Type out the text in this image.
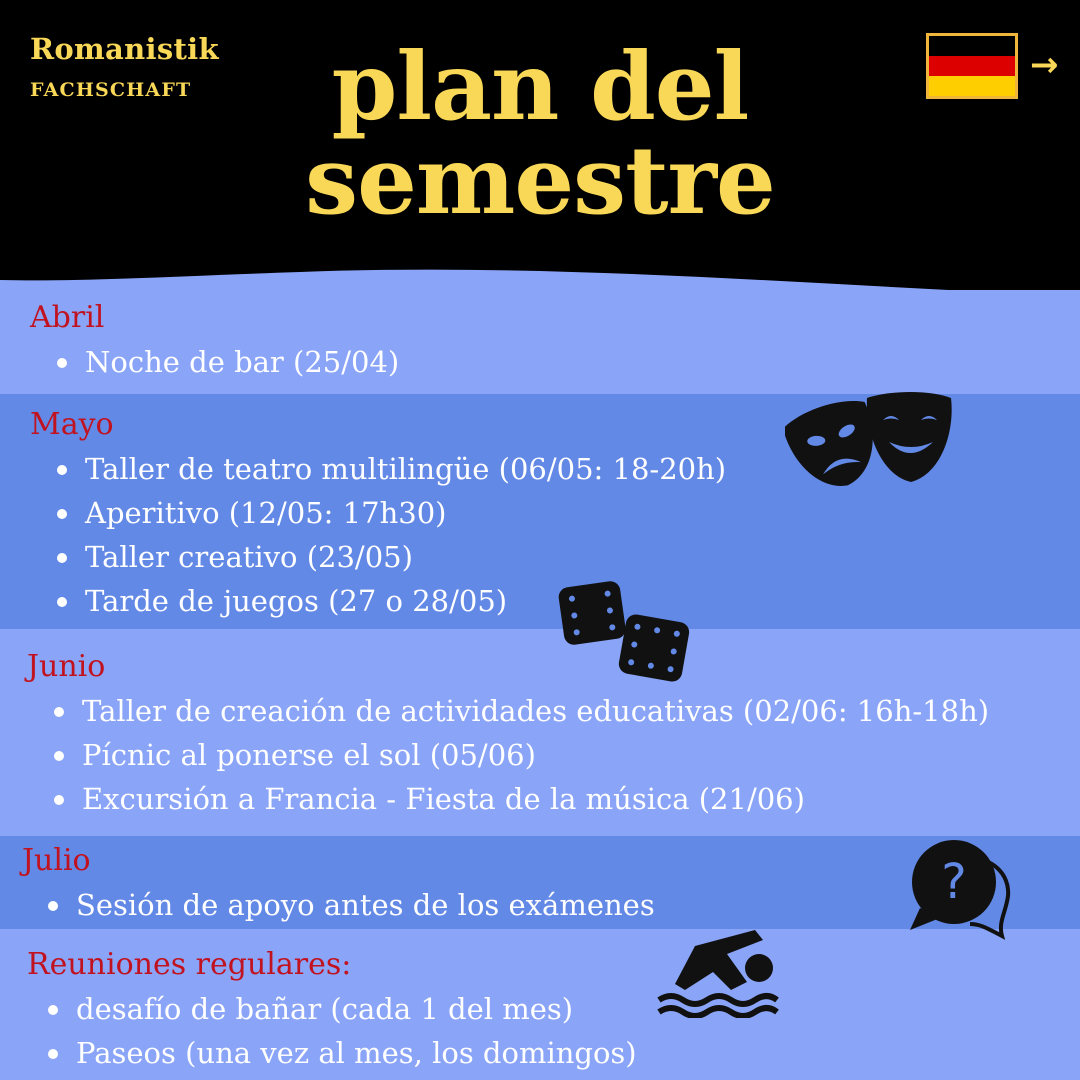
Romanistik
FACHSCHAFT	plan del
semestre
→
Abril
Noche de bar (25/04)
Mayo
Taller de teatro multilingüe (06/05: 18-20h)
Aperitivo (12/05: 17h30)
Taller creativo (23/05)
Tarde de juegos (27 o 28/05)
Junio
Taller de creación de actividades educativas (02/06: 16h-18h)
Pícnic al ponerse el sol (05/06)
Excursión a Francia - Fiesta de la música (21/06)
Julio
Sesión de apoyo antes de los exámenes
Reuniones regulares:
desafío de bañar (cada 1 del mes)
Paseos (una vez al mes, los domingos)
?
